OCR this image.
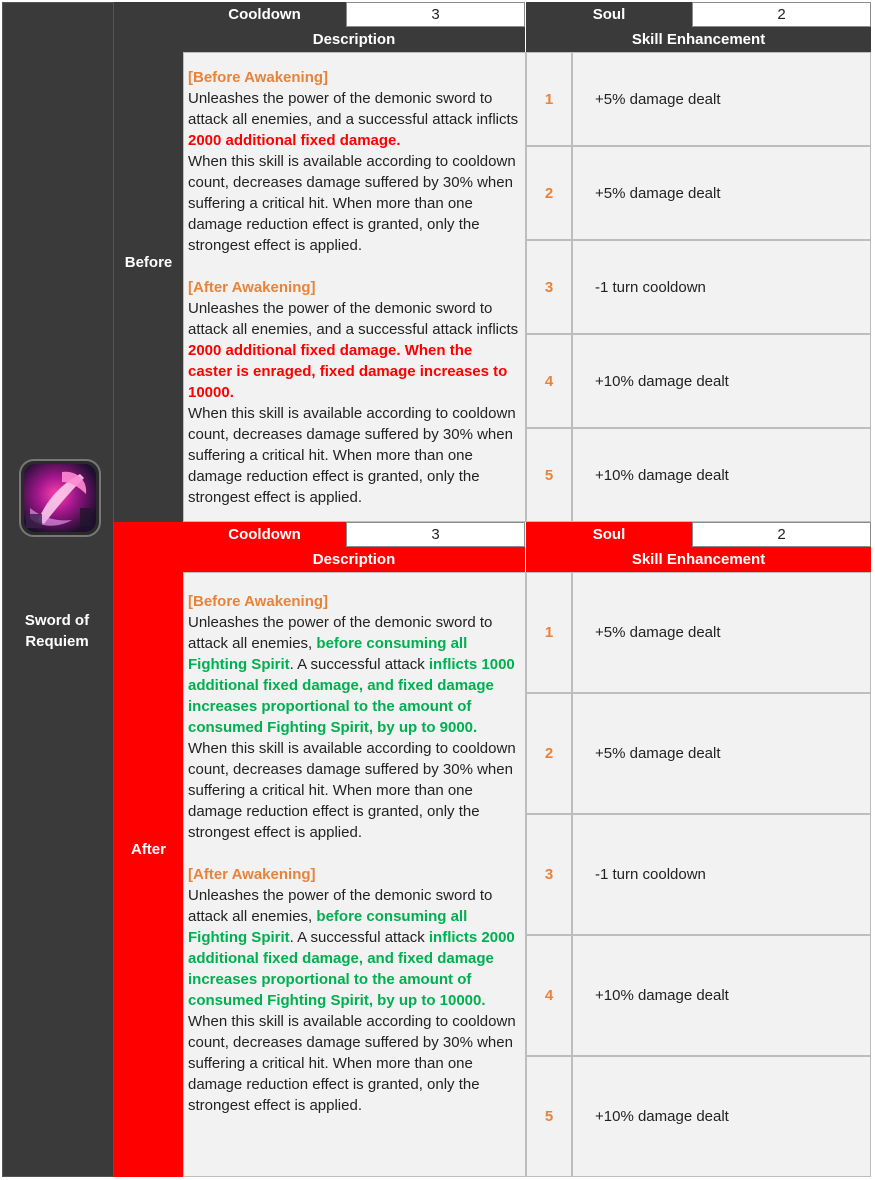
Sword of Requiem
Before
Cooldown	3	Soul	2
Description	Skill Enhancement

[Before Awakening]
Unleashes the power of the demonic sword to attack all enemies, and a successful attack inflicts 2000 additional fixed damage.
When this skill is available according to cooldown count, decreases damage suffered by 30% when suffering a critical hit. When more than one damage reduction effect is granted, only the strongest effect is applied.

[After Awakening]
Unleashes the power of the demonic sword to attack all enemies, and a successful attack inflicts 2000 additional fixed damage. When the caster is enraged, fixed damage increases to 10000.
When this skill is available according to cooldown count, decreases damage suffered by 30% when suffering a critical hit. When more than one damage reduction effect is granted, only the strongest effect is applied.

1	+5% damage dealt
2	+5% damage dealt
3	-1 turn cooldown
4	+10% damage dealt
5	+10% damage dealt
After
Cooldown	3	Soul	2
Description	Skill Enhancement

[Before Awakening]
Unleashes the power of the demonic sword to attack all enemies, before consuming all Fighting Spirit. A successful attack inflicts 1000 additional fixed damage, and fixed damage increases proportional to the amount of consumed Fighting Spirit, by up to 9000.
When this skill is available according to cooldown count, decreases damage suffered by 30% when suffering a critical hit. When more than one damage reduction effect is granted, only the strongest effect is applied.

[After Awakening]
Unleashes the power of the demonic sword to attack all enemies, before consuming all Fighting Spirit. A successful attack inflicts 2000 additional fixed damage, and fixed damage increases proportional to the amount of consumed Fighting Spirit, by up to 10000.
When this skill is available according to cooldown count, decreases damage suffered by 30% when suffering a critical hit. When more than one damage reduction effect is granted, only the strongest effect is applied.

1	+5% damage dealt
2	+5% damage dealt
3	-1 turn cooldown
4	+10% damage dealt
5	+10% damage dealt
